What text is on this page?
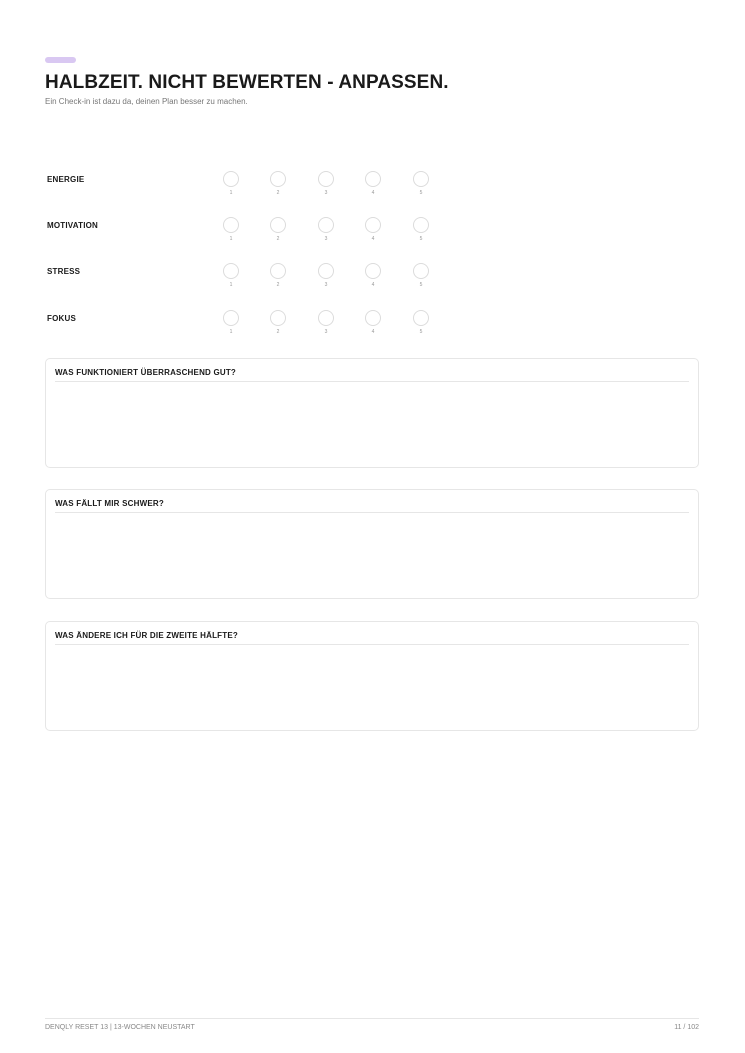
HALBZEIT. NICHT BEWERTEN - ANPASSEN.

Ein Check-in ist dazu da, deinen Plan besser zu machen.

ENERGIE
1	2	3	4	5
MOTIVATION
1	2	3	4	5
STRESS
1	2	3	4	5
FOKUS
1	2	3	4	5
WAS FUNKTIONIERT ÜBERRASCHEND GUT?
WAS FÄLLT MIR SCHWER?
WAS ÄNDERE ICH FÜR DIE ZWEITE HÄLFTE?
DENQLY RESET 13 | 13-WOCHEN NEUSTART	11 / 102
